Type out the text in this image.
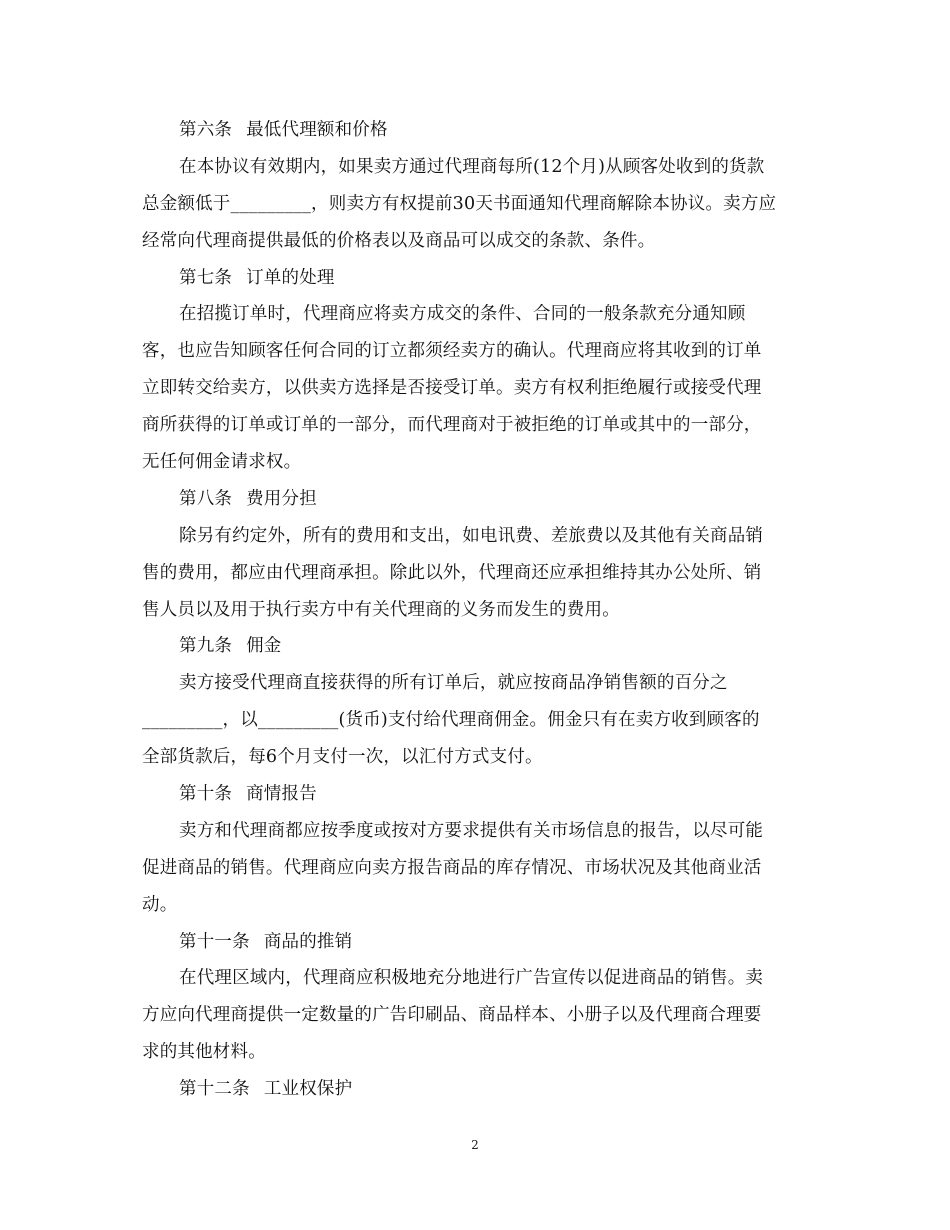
第六条 最低代理额和价格
在本协议有效期内，如果卖方通过代理商每所(12个月)从顾客处收到的货款
总金额低于_________，则卖方有权提前30天书面通知代理商解除本协议。卖方应
经常向代理商提供最低的价格表以及商品可以成交的条款、条件。
第七条 订单的处理
在招揽订单时，代理商应将卖方成交的条件、合同的一般条款充分通知顾
客，也应告知顾客任何合同的订立都须经卖方的确认。代理商应将其收到的订单
立即转交给卖方，以供卖方选择是否接受订单。卖方有权利拒绝履行或接受代理
商所获得的订单或订单的一部分，而代理商对于被拒绝的订单或其中的一部分，
无任何佣金请求权。
第八条 费用分担
除另有约定外，所有的费用和支出，如电讯费、差旅费以及其他有关商品销
售的费用，都应由代理商承担。除此以外，代理商还应承担维持其办公处所、销
售人员以及用于执行卖方中有关代理商的义务而发生的费用。
第九条 佣金
卖方接受代理商直接获得的所有订单后，就应按商品净销售额的百分之
_________，以_________(货币)支付给代理商佣金。佣金只有在卖方收到顾客的
全部货款后，每6个月支付一次，以汇付方式支付。
第十条 商情报告
卖方和代理商都应按季度或按对方要求提供有关市场信息的报告，以尽可能
促进商品的销售。代理商应向卖方报告商品的库存情况、市场状况及其他商业活
动。
第十一条 商品的推销
在代理区域内，代理商应积极地充分地进行广告宣传以促进商品的销售。卖
方应向代理商提供一定数量的广告印刷品、商品样本、小册子以及代理商合理要
求的其他材料。
第十二条 工业权保护
2
